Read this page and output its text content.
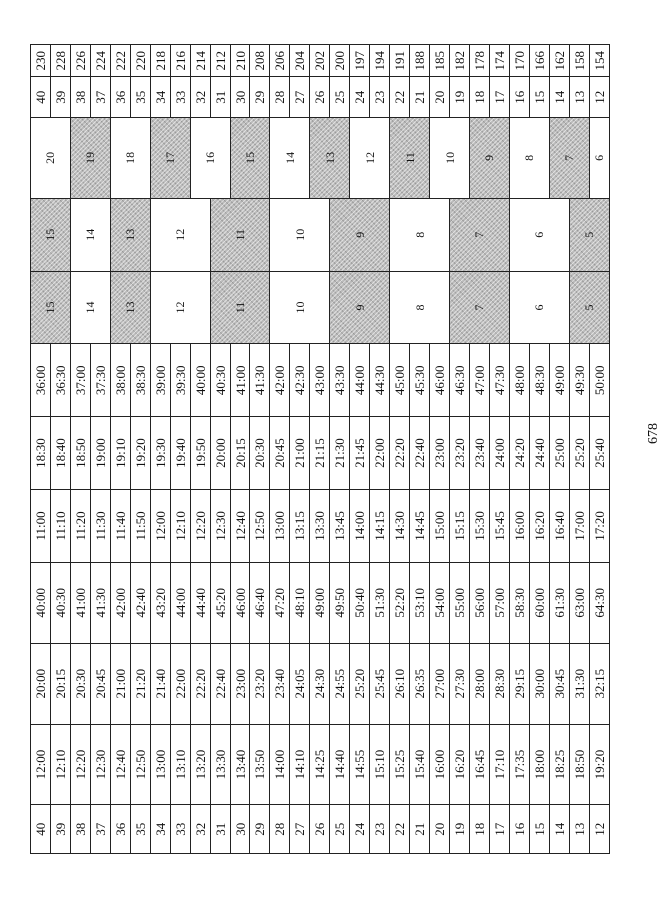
678
40	12:00	20:00	40:00	11:00	18:30	36:00	15	15	20	40	230
39	12:10	20:15	40:30	11:10	18:40	36:30				39	228
38	12:20	20:30	41:00	11:20	18:50	37:00	14	14	19	38	226
37	12:30	20:45	41:30	11:30	19:00	37:30				37	224
36	12:40	21:00	42:00	11:40	19:10	38:00	13	13	18	36	222
35	12:50	21:20	42:40	11:50	19:20	38:30				35	220
34	13:00	21:40	43:20	12:00	19:30	39:00	12	12	17	34	218
33	13:10	22:00	44:00	12:10	19:40	39:30				33	216
32	13:20	22:20	44:40	12:20	19:50	40:00			16	32	214
31	13:30	22:40	45:20	12:30	20:00	40:30	11	11		31	212
30	13:40	23:00	46:00	12:40	20:15	41:00			15	30	210
29	13:50	23:20	46:40	12:50	20:30	41:30				29	208
28	14:00	23:40	47:20	13:00	20:45	42:00	10	10	14	28	206
27	14:10	24:05	48:10	13:15	21:00	42:30				27	204
26	14:25	24:30	49:00	13:30	21:15	43:00			13	26	202
25	14:40	24:55	49:50	13:45	21:30	43:30	9	9		25	200
24	14:55	25:20	50:40	14:00	21:45	44:00			12	24	197
23	15:10	25:45	51:30	14:15	22:00	44:30				23	194
22	15:25	26:10	52:20	14:30	22:20	45:00	8	8	11	22	191
21	15:40	26:35	53:10	14:45	22:40	45:30				21	188
20	16:00	27:00	54:00	15:00	23:00	46:00			10	20	185
19	16:20	27:30	55:00	15:15	23:20	46:30	7	7		19	182
18	16:45	28:00	56:00	15:30	23:40	47:00			9	18	178
17	17:10	28:30	57:00	15:45	24:00	47:30				17	174
16	17:35	29:15	58:30	16:00	24:20	48:00	6	6	8	16	170
15	18:00	30:00	60:00	16:20	24:40	48:30				15	166
14	18:25	30:45	61:30	16:40	25:00	49:00			7	14	162
13	18:50	31:30	63:00	17:00	25:20	49:30	5	5		13	158
12	19:20	32:15	64:30	17:20	25:40	50:00			6	12	154
